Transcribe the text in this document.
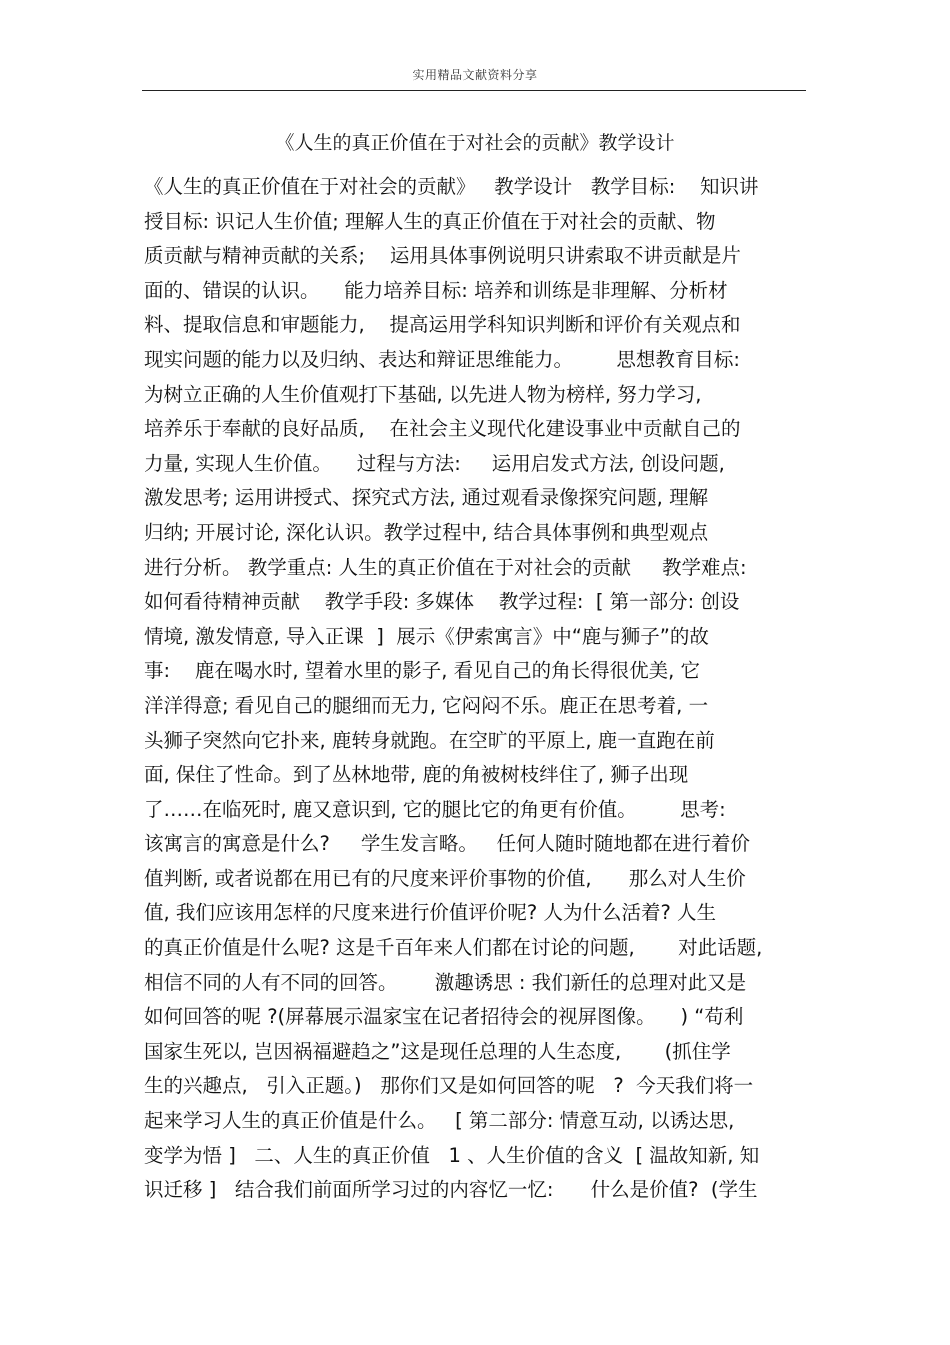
实用精品文献资料分享
《人生的真正价值在于对社会的贡献》教学设计
《人生的真正价值在于对社会的贡献》   教学设计   教学目标:    知识讲
授目标: 识记人生价值; 理解人生的真正价值在于对社会的贡献、物
质贡献与精神贡献的关系;    运用具体事例说明只讲索取不讲贡献是片
面的、错误的认识。    能力培养目标: 培养和训练是非理解、分析材
料、提取信息和审题能力,    提高运用学科知识判断和评价有关观点和
现实问题的能力以及归纳、表达和辩证思维能力。       思想教育目标:
为树立正确的人生价值观打下基础, 以先进人物为榜样, 努力学习,
培养乐于奉献的良好品质,    在社会主义现代化建设事业中贡献自己的
力量, 实现人生价值。    过程与方法:     运用启发式方法, 创设问题,
激发思考; 运用讲授式、探究式方法, 通过观看录像探究问题, 理解
归纳; 开展讨论, 深化认识。教学过程中, 结合具体事例和典型观点
进行分析。 教学重点: 人生的真正价值在于对社会的贡献     教学难点:
如何看待精神贡献    教学手段: 多媒体    教学过程:  [ 第一部分: 创设
情境, 激发情意, 导入正课  ]  展示《伊索寓言》中“鹿与狮子”的故
事:    鹿在喝水时, 望着水里的影子, 看见自己的角长得很优美, 它
洋洋得意; 看见自己的腿细而无力, 它闷闷不乐。鹿正在思考着, 一
头狮子突然向它扑来, 鹿转身就跑。在空旷的平原上, 鹿一直跑在前
面, 保住了性命。到了丛林地带, 鹿的角被树枝绊住了, 狮子出现
了……在临死时, 鹿又意识到, 它的腿比它的角更有价值。       思考:
该寓言的寓意是什么?     学生发言略。   任何人随时随地都在进行着价
值判断, 或者说都在用已有的尺度来评价事物的价值,      那么对人生价
值, 我们应该用怎样的尺度来进行价值评价呢? 人为什么活着? 人生
的真正价值是什么呢? 这是千百年来人们都在讨论的问题,       对此话题,
相信不同的人有不同的回答。      激趣诱思 : 我们新任的总理对此又是
如何回答的呢 ?(屏幕展示温家宝在记者招待会的视屏图像。    ) “苟利
国家生死以, 岂因祸福避趋之”这是现任总理的人生态度,       (抓住学
生的兴趣点,   引入正题。)   那你们又是如何回答的呢   ?  今天我们将一
起来学习人生的真正价值是什么。   [ 第二部分: 情意互动, 以诱达思,
变学为悟 ]   二、人生的真正价值   1 、人生价值的含义  [ 温故知新, 知
识迁移 ]   结合我们前面所学习过的内容忆一忆:      什么是价值?  (学生
